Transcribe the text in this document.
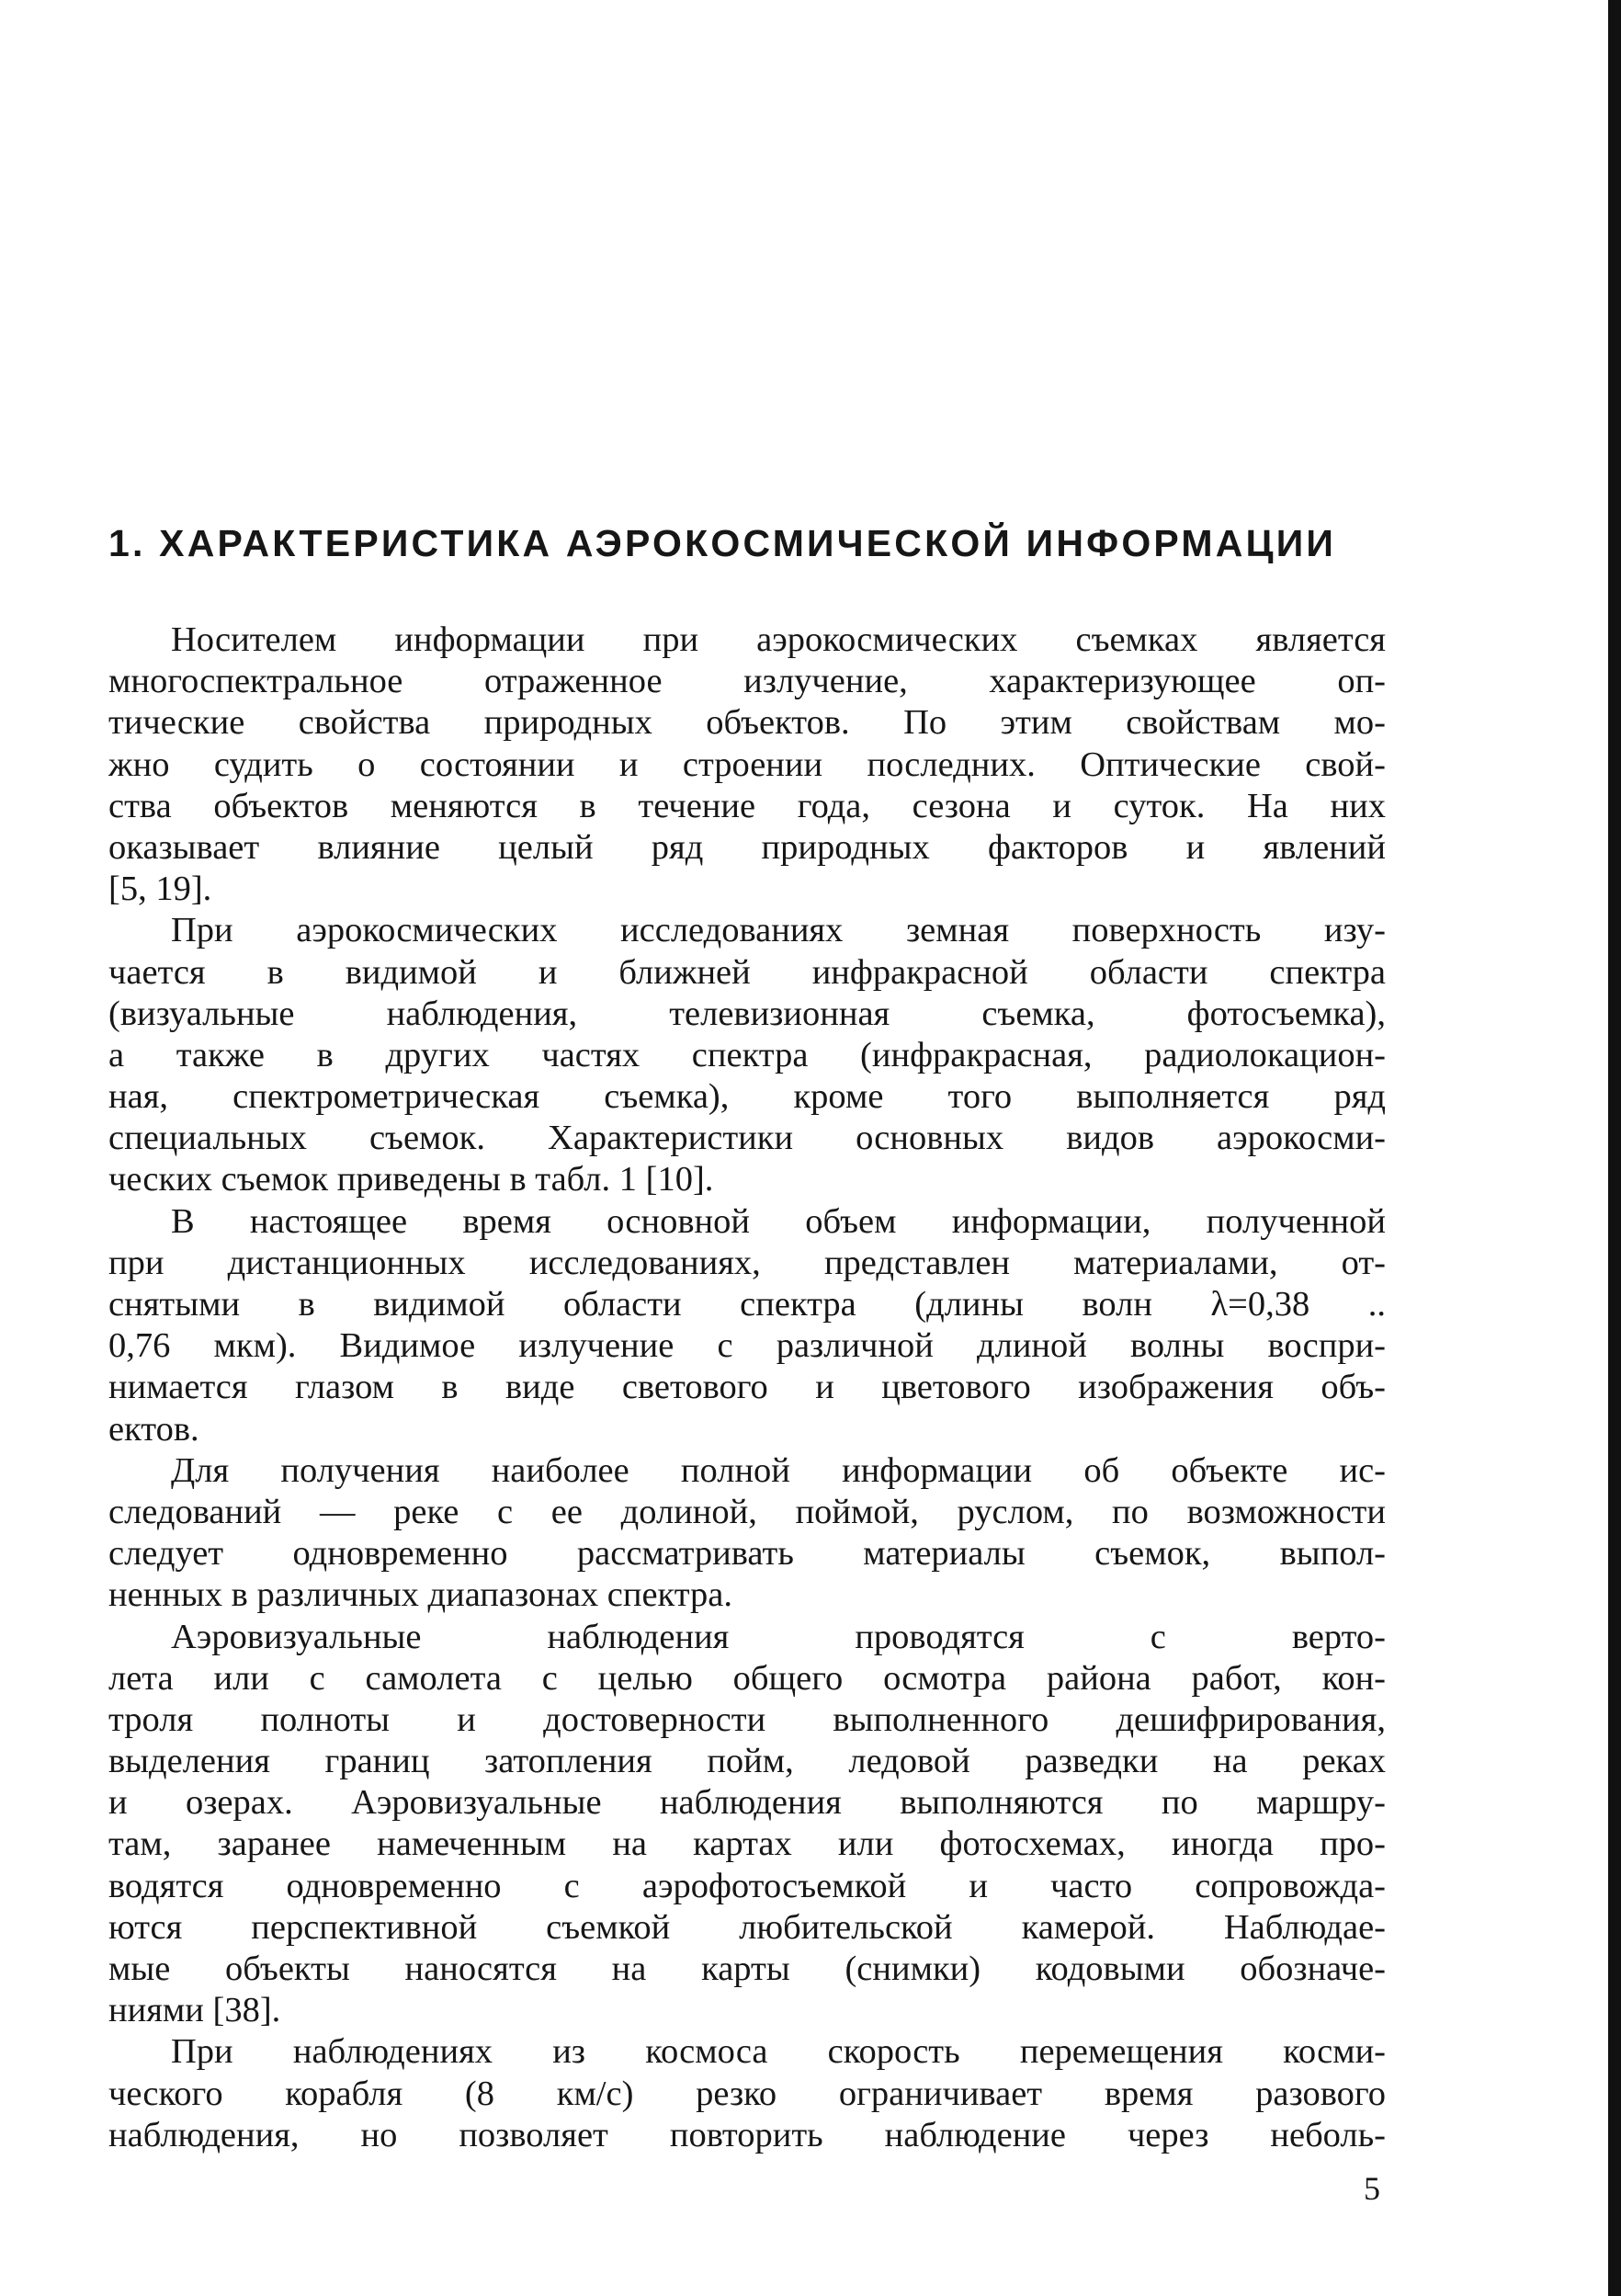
1. ХАРАКТЕРИСТИКА АЭРОКОСМИЧЕСКОЙ ИНФОРМАЦИИ

Носителем информации при аэрокосмических съемках является
многоспектральное отраженное излучение, характеризующее оп-
тические свойства природных объектов. По этим свойствам мо-
жно судить о состоянии и строении последних. Оптические свой-
ства объектов меняются в течение года, сезона и суток. На них
оказывает влияние целый ряд природных факторов и явлений
[5, 19].

При аэрокосмических исследованиях земная поверхность изу-
чается в видимой и ближней инфракрасной области спектра
(визуальные наблюдения, телевизионная съемка, фотосъемка),
а также в других частях спектра (инфракрасная, радиолокацион-
ная, спектрометрическая съемка), кроме того выполняется ряд
специальных съемок. Характеристики основных видов аэрокосми-
ческих съемок приведены в табл. 1 [10].

В настоящее время основной объем информации, полученной
при дистанционных исследованиях, представлен материалами, от-
снятыми в видимой области спектра (длины волн λ=0,38 ..
0,76 мкм). Видимое излучение с различной длиной волны воспри-
нимается глазом в виде светового и цветового изображения объ-
ектов.

Для получения наиболее полной информации об объекте ис-
следований — реке с ее долиной, поймой, руслом, по возможности
следует одновременно рассматривать материалы съемок, выпол-
ненных в различных диапазонах спектра.

Аэровизуальные наблюдения проводятся с верто-
лета или с самолета с целью общего осмотра района работ, кон-
троля полноты и достоверности выполненного дешифрирования,
выделения границ затопления пойм, ледовой разведки на реках
и озерах. Аэровизуальные наблюдения выполняются по маршру-
там, заранее намеченным на картах или фотосхемах, иногда про-
водятся одновременно с аэрофотосъемкой и часто сопровожда-
ются перспективной съемкой любительской камерой. Наблюдае-
мые объекты наносятся на карты (снимки) кодовыми обозначе-
ниями [38].

При наблюдениях из космоса скорость перемещения косми-
ческого корабля (8 км/с) резко ограничивает время разового
наблюдения, но позволяет повторить наблюдение через неболь-

5
